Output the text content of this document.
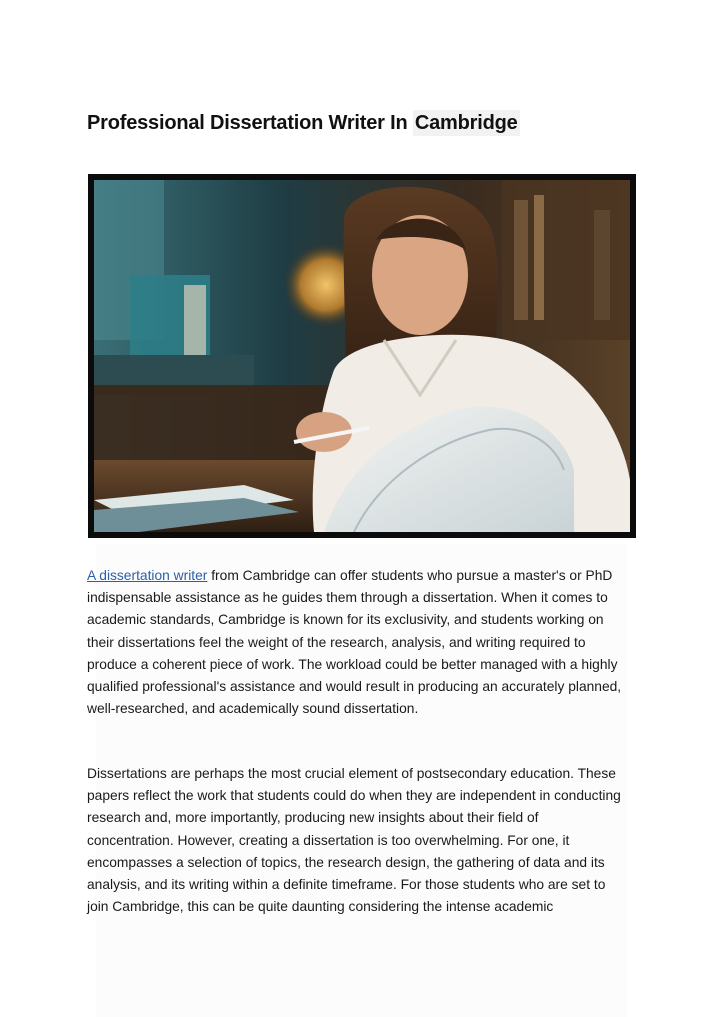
Professional Dissertation Writer In Cambridge

A dissertation writer from Cambridge can offer students who pursue a master's or PhD indispensable assistance as he guides them through a dissertation. When it comes to academic standards, Cambridge is known for its exclusivity, and students working on their dissertations feel the weight of the research, analysis, and writing required to produce a coherent piece of work. The workload could be better managed with a highly qualified professional's assistance and would result in producing an accurately planned, well-researched, and academically sound dissertation.

Dissertations are perhaps the most crucial element of postsecondary education. These papers reflect the work that students could do when they are independent in conducting research and, more importantly, producing new insights about their field of concentration. However, creating a dissertation is too overwhelming. For one, it encompasses a selection of topics, the research design, the gathering of data and its analysis, and its writing within a definite timeframe. For those students who are set to join Cambridge, this can be quite daunting considering the intense academic
